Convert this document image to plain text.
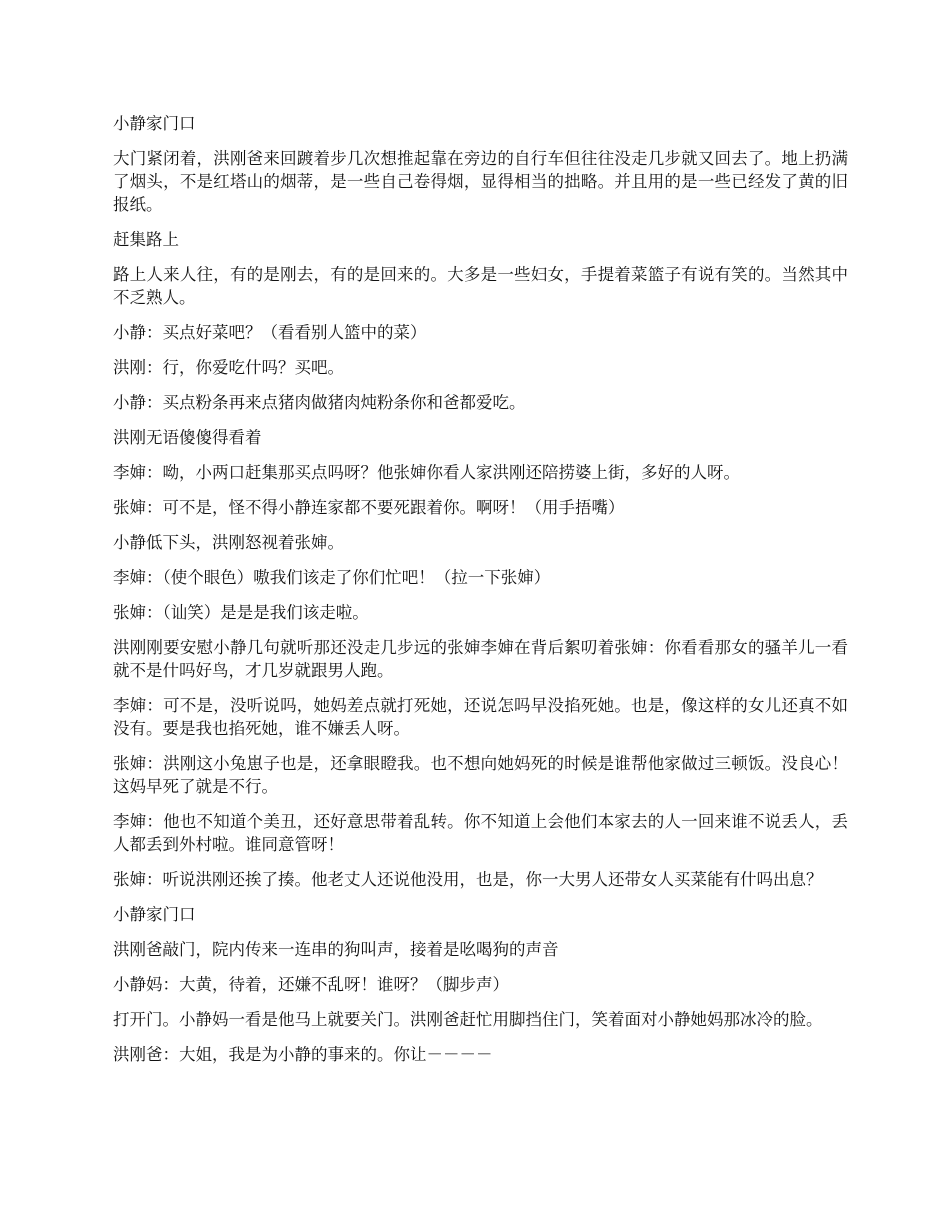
小静家门口

大门紧闭着，洪刚爸来回踱着步几次想推起靠在旁边的自行车但往往没走几步就又回去了。地上扔满了烟头，不是红塔山的烟蒂，是一些自己卷得烟，显得相当的拙略。并且用的是一些已经发了黄的旧报纸。

赶集路上

路上人来人往，有的是刚去，有的是回来的。大多是一些妇女，手提着菜篮子有说有笑的。当然其中不乏熟人。

小静：买点好菜吧？（看看别人篮中的菜）

洪刚：行，你爱吃什吗？买吧。

小静：买点粉条再来点猪肉做猪肉炖粉条你和爸都爱吃。

洪刚无语傻傻得看着

李婶：呦，小两口赶集那买点吗呀？他张婶你看人家洪刚还陪捞婆上街，多好的人呀。

张婶：可不是，怪不得小静连家都不要死跟着你。啊呀！（用手捂嘴）

小静低下头，洪刚怒视着张婶。

李婶：（使个眼色）嗷我们该走了你们忙吧！（拉一下张婶）

张婶：（讪笑）是是是我们该走啦。

洪刚刚要安慰小静几句就听那还没走几步远的张婶李婶在背后絮叨着张婶：你看看那女的骚羊儿一看就不是什吗好鸟，才几岁就跟男人跑。

李婶：可不是，没听说吗，她妈差点就打死她，还说怎吗早没掐死她。也是，像这样的女儿还真不如没有。要是我也掐死她，谁不嫌丢人呀。

张婶：洪刚这小兔崽子也是，还拿眼瞪我。也不想向她妈死的时候是谁帮他家做过三顿饭。没良心！这妈早死了就是不行。

李婶：他也不知道个美丑，还好意思带着乱转。你不知道上会他们本家去的人一回来谁不说丢人，丢人都丢到外村啦。谁同意管呀！

张婶：听说洪刚还挨了揍。他老丈人还说他没用，也是，你一大男人还带女人买菜能有什吗出息？

小静家门口

洪刚爸敲门，院内传来一连串的狗叫声，接着是吆喝狗的声音

小静妈：大黄，待着，还嫌不乱呀！谁呀？（脚步声）

打开门。小静妈一看是他马上就要关门。洪刚爸赶忙用脚挡住门，笑着面对小静她妈那冰冷的脸。

洪刚爸：大姐，我是为小静的事来的。你让－－－－
